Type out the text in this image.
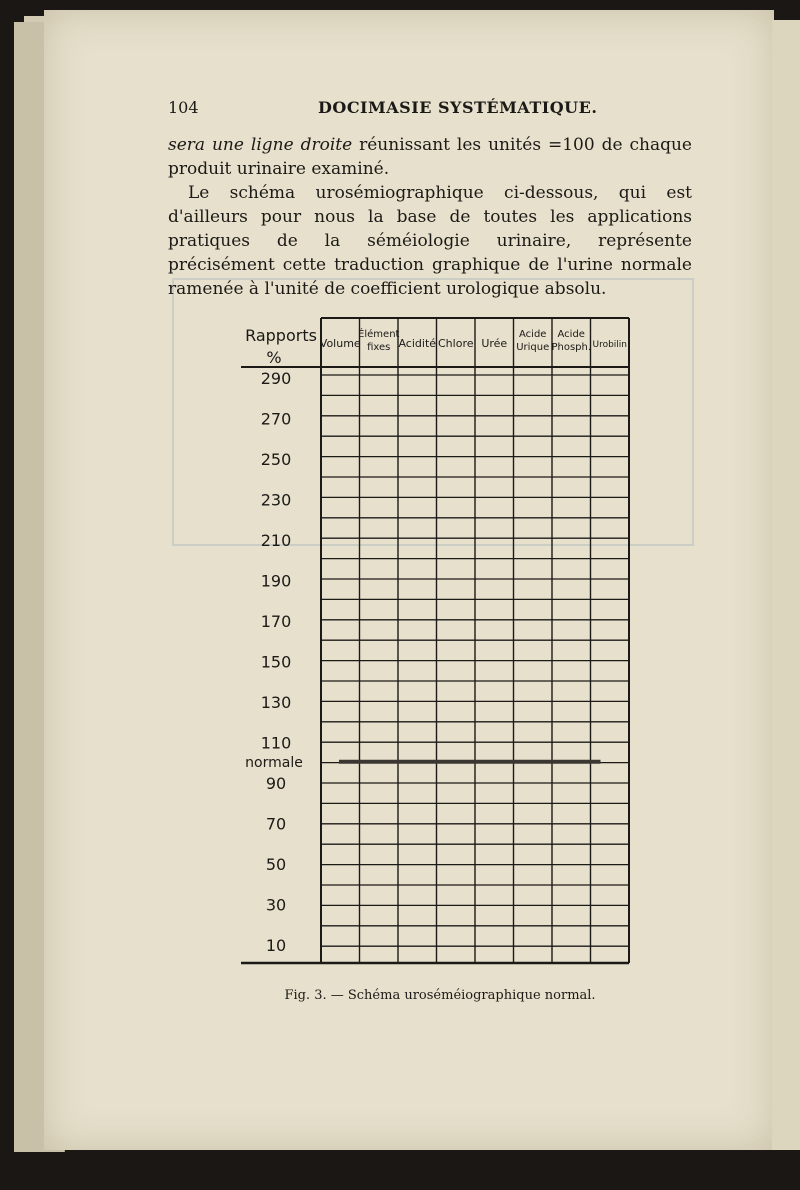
104	DOCIMASIE SYSTÉMATIQUE.

sera une ligne droite réunissant les unités =100 de chaque produit urinaire examiné.

Le schéma urosémiographique ci-dessous, qui est d'ailleurs pour nous la base de toutes les applications pratiques de la séméiologie urinaire, représente précisément cette traduction graphique de l'urine normale ramenée à l'unité de coefficient urologique absolu.

Rapports
%
Volume
Élément
fixes Acidité Chlore Urée
Acide
Urique
Acide
Phosph. Urobilin
290
270
250
230
210
190
170
150
130
110
normale
90
70
50
30
10
Fig. 3. — Schéma uroséméiographique normal.
